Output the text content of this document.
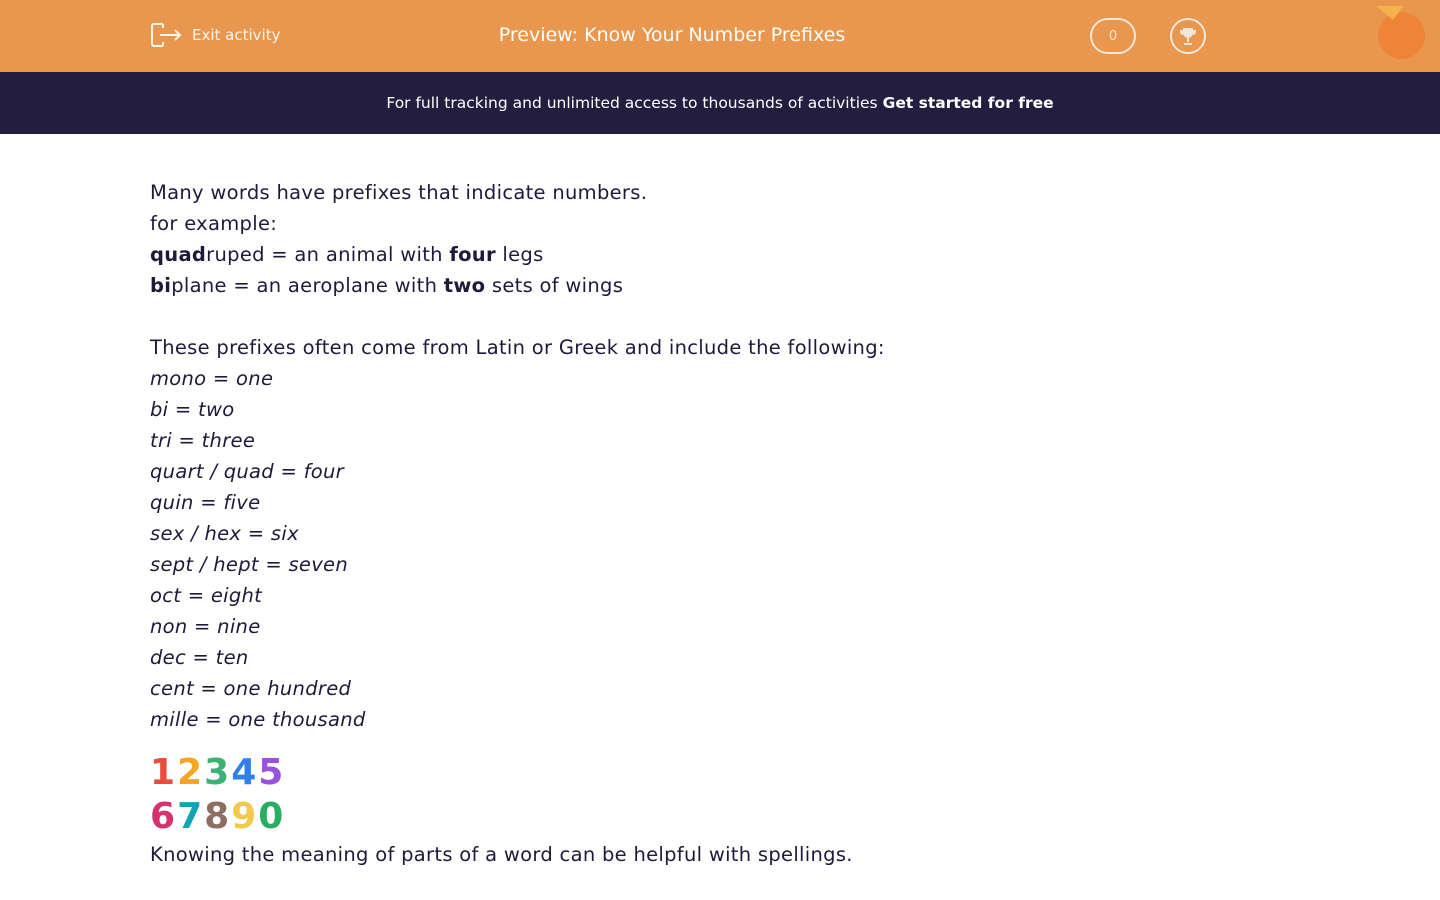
Exit activity	Preview: Know Your Number Prefixes	0
For full tracking and unlimited access to thousands of activities Get started for free

Many words have prefixes that indicate numbers.

for example:

quadruped = an animal with four legs

biplane = an aeroplane with two sets of wings

These prefixes often come from Latin or Greek and include the following:

mono = one

bi = two

tri = three

quart / quad = four

quin = five

sex / hex = six

sept / hept = seven

oct = eight

non = nine

dec = ten

cent = one hundred

mille = one thousand

12345
67890

Knowing the meaning of parts of a word can be helpful with spellings.
